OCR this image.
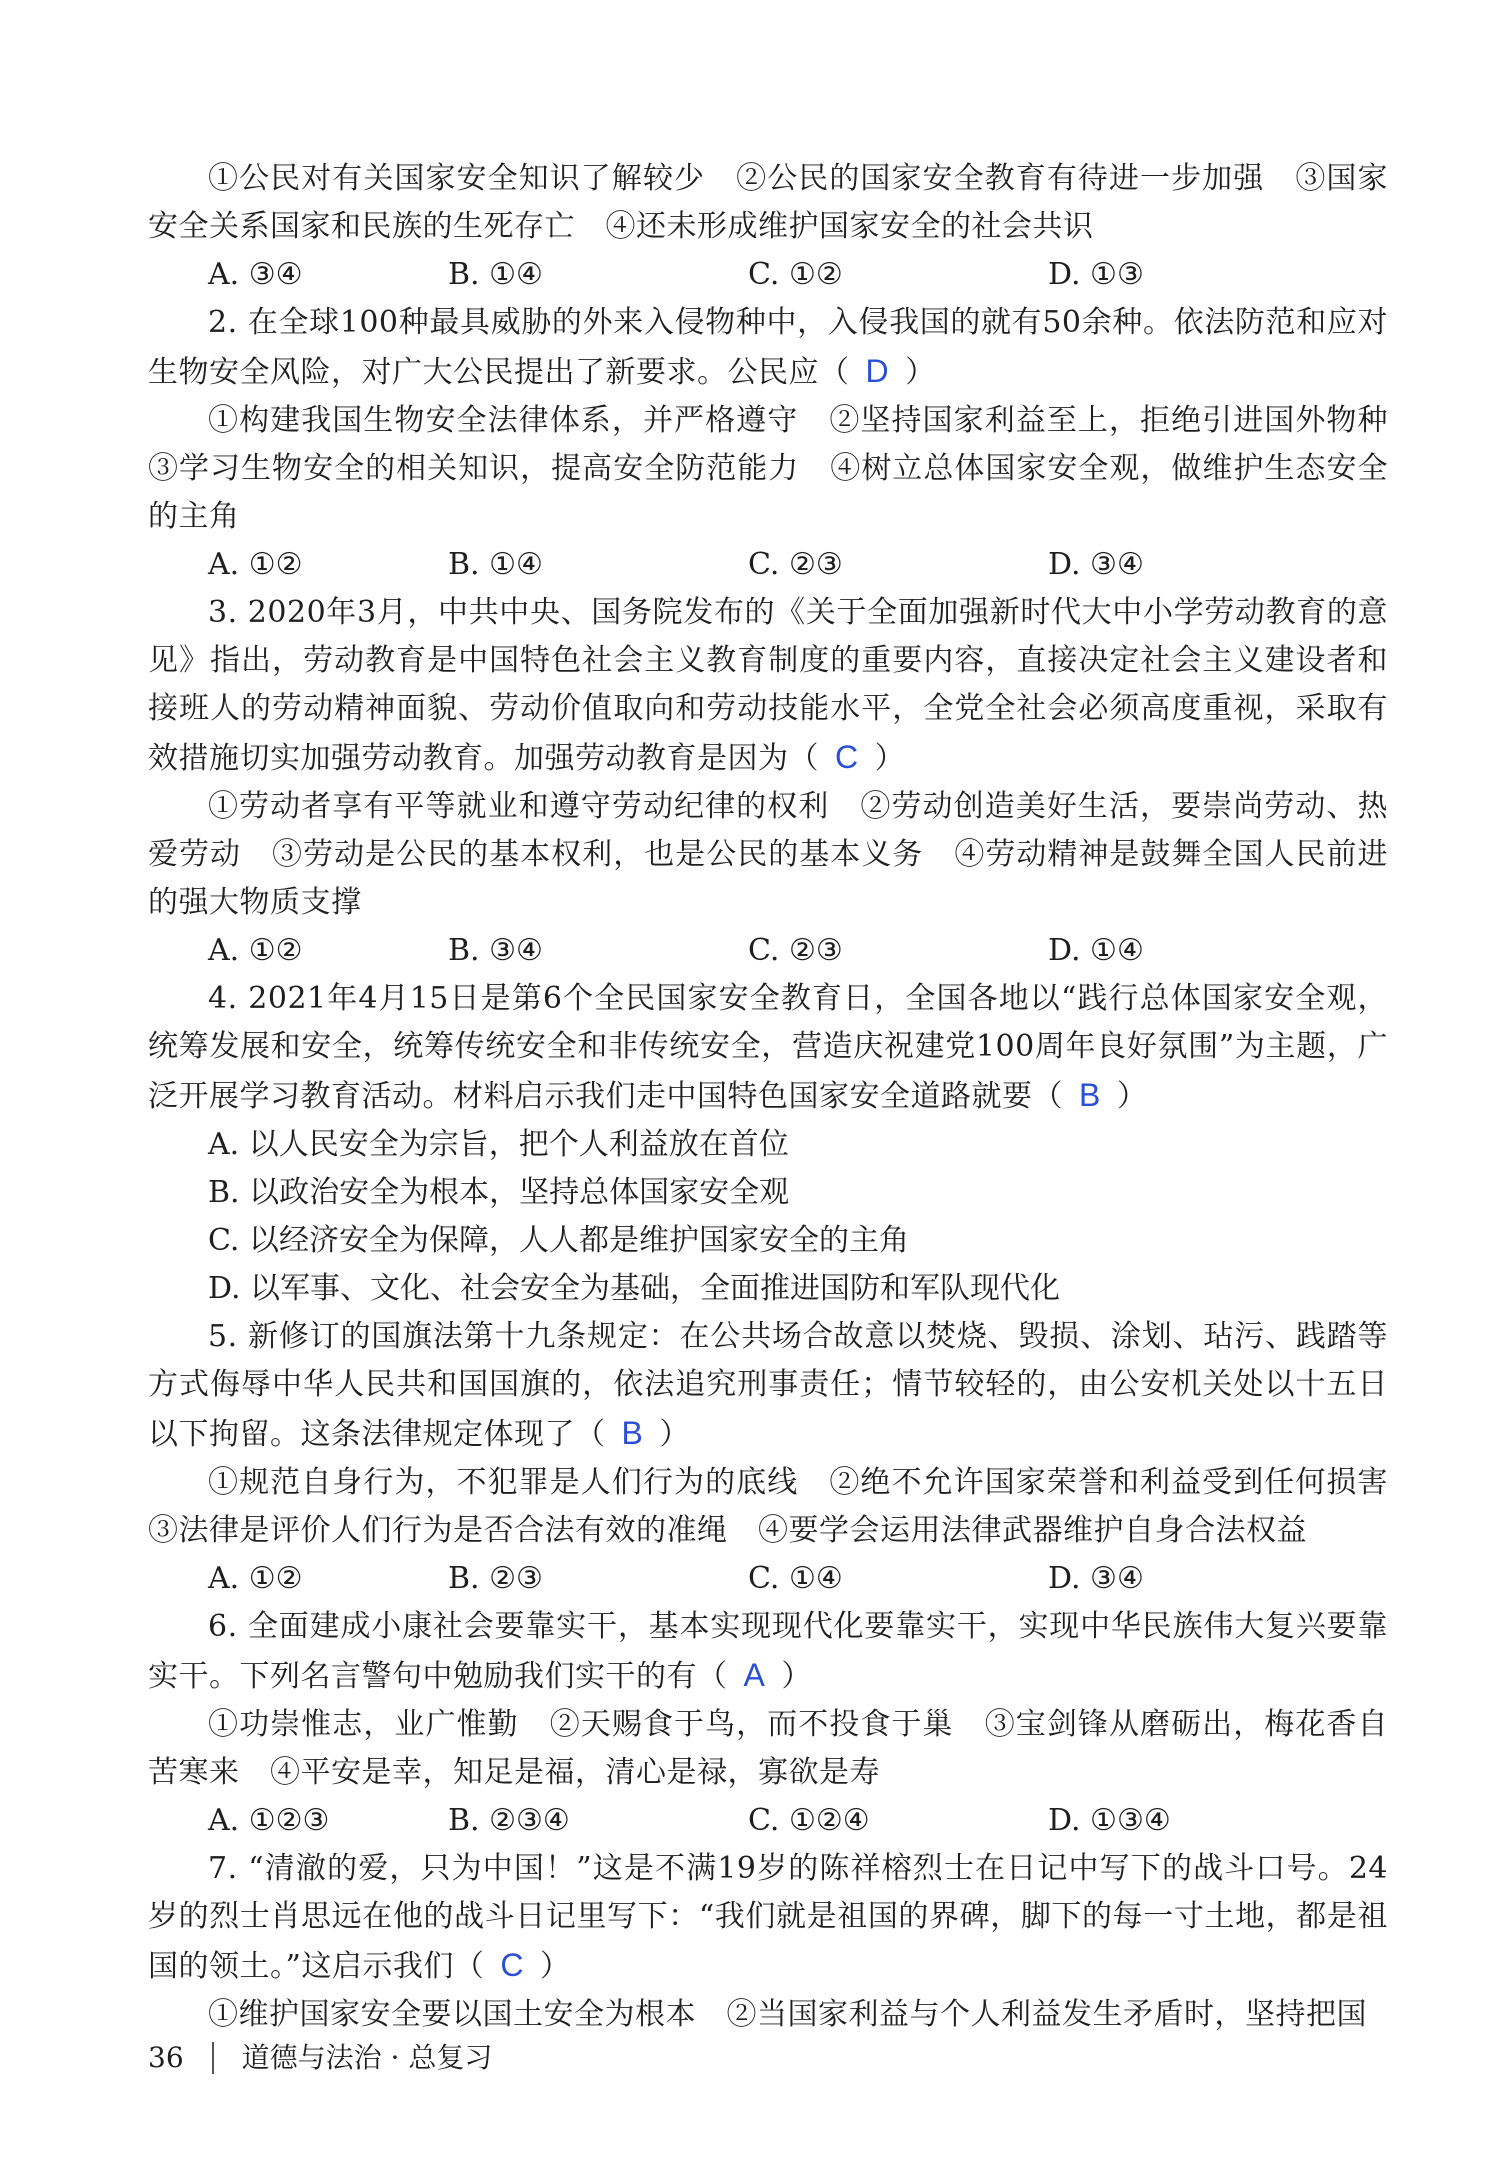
①公民对有关国家安全知识了解较少　②公民的国家安全教育有待进一步加强　③国家安全关系国家和民族的生死存亡　④还未形成维护国家安全的社会共识

A. ③④	B. ①④	C. ①②	D. ①③

2. 在全球100种最具威胁的外来入侵物种中，入侵我国的就有50余种。依法防范和应对生物安全风险，对广大公民提出了新要求。公民应（ D ）

①构建我国生物安全法律体系，并严格遵守　②坚持国家利益至上，拒绝引进国外物种 ③学习生物安全的相关知识，提高安全防范能力　④树立总体国家安全观，做维护生态安全的主角

A. ①②	B. ①④	C. ②③	D. ③④

3. 2020年3月，中共中央、国务院发布的《关于全面加强新时代大中小学劳动教育的意见》指出，劳动教育是中国特色社会主义教育制度的重要内容，直接决定社会主义建设者和接班人的劳动精神面貌、劳动价值取向和劳动技能水平，全党全社会必须高度重视，采取有效措施切实加强劳动教育。加强劳动教育是因为（ C ）

①劳动者享有平等就业和遵守劳动纪律的权利　②劳动创造美好生活，要崇尚劳动、热爱劳动　③劳动是公民的基本权利，也是公民的基本义务　④劳动精神是鼓舞全国人民前进的强大物质支撑

A. ①②	B. ③④	C. ②③	D. ①④

4. 2021年4月15日是第6个全民国家安全教育日，全国各地以“践行总体国家安全观，统筹发展和安全，统筹传统安全和非传统安全，营造庆祝建党100周年良好氛围”为主题，广泛开展学习教育活动。材料启示我们走中国特色国家安全道路就要（ B ）

A. 以人民安全为宗旨，把个人利益放在首位
B. 以政治安全为根本，坚持总体国家安全观
C. 以经济安全为保障，人人都是维护国家安全的主角
D. 以军事、文化、社会安全为基础，全面推进国防和军队现代化

5. 新修订的国旗法第十九条规定：在公共场合故意以焚烧、毁损、涂划、玷污、践踏等方式侮辱中华人民共和国国旗的，依法追究刑事责任；情节较轻的，由公安机关处以十五日以下拘留。这条法律规定体现了（ B ）

①规范自身行为，不犯罪是人们行为的底线　②绝不允许国家荣誉和利益受到任何损害 ③法律是评价人们行为是否合法有效的准绳　④要学会运用法律武器维护自身合法权益

A. ①②	B. ②③	C. ①④	D. ③④

6. 全面建成小康社会要靠实干，基本实现现代化要靠实干，实现中华民族伟大复兴要靠实干。下列名言警句中勉励我们实干的有（ A ）

①功崇惟志，业广惟勤　②天赐食于鸟，而不投食于巢　③宝剑锋从磨砺出，梅花香自苦寒来　④平安是幸，知足是福，清心是禄，寡欲是寿

A. ①②③	B. ②③④	C. ①②④	D. ①③④

7. “清澈的爱，只为中国！”这是不满19岁的陈祥榕烈士在日记中写下的战斗口号。24岁的烈士肖思远在他的战斗日记里写下：“我们就是祖国的界碑，脚下的每一寸土地，都是祖国的领土。”这启示我们（ C ）

①维护国家安全要以国土安全为根本　②当国家利益与个人利益发生矛盾时，坚持把国

36 道德与法治 · 总复习
